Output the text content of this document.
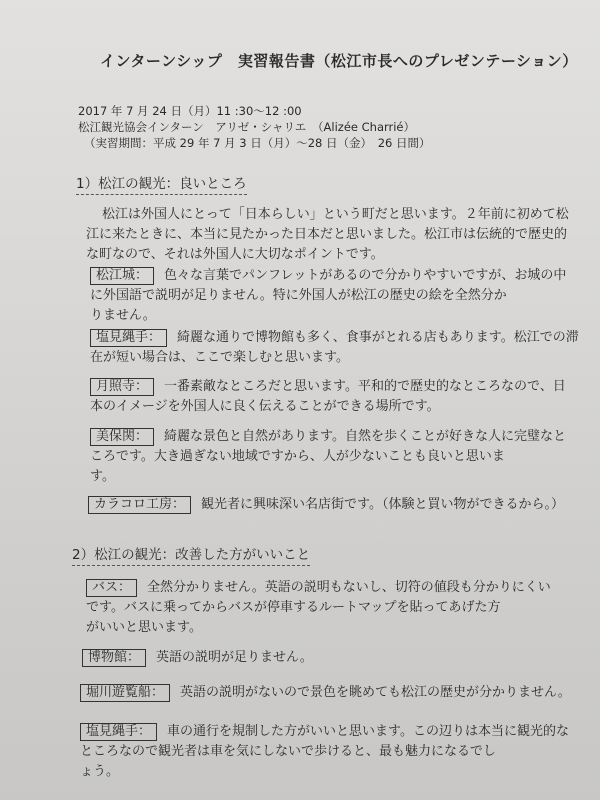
インターンシップ　実習報告書（松江市長へのプレゼンテーション）
2017 年 7 月 24 日（月）11 :30～12 :00
松江観光協会インターン　アリゼ・シャリエ　（Alizée Charrié）
（実習期間：平成 29 年 7 月 3 日（月）～28 日（金）　26 日間）
1）松江の観光：良いところ
松江は外国人にとって「日本らしい」という町だと思います。２年前に初めて松
江に来たときに、本当に見たかった日本だと思いました。松江市は伝統的で歴史的
な町なので、それは外国人に大切なポイントです。
松江城： 色々な言葉でパンフレットがあるので分かりやすいですが、お城の中
に外国語で説明が足りません。特に外国人が松江の歴史の絵を全然分か
りません。
塩見縄手： 綺麗な通りで博物館も多く、食事がとれる店もあります。松江での滞
在が短い場合は、ここで楽しむと思います。
月照寺： 一番素敵なところだと思います。平和的で歴史的なところなので、日
本のイメージを外国人に良く伝えることができる場所です。
美保関： 綺麗な景色と自然があります。自然を歩くことが好きな人に完璧なと
ころです。大き過ぎない地域ですから、人が少ないことも良いと思いま
す。
カラコロ工房： 観光者に興味深い名店街です。（体験と買い物ができるから。）
2）松江の観光：改善した方がいいこと
バス： 全然分かりません。英語の説明もないし、切符の値段も分かりにくい
です。バスに乗ってからバスが停車するルートマップを貼ってあげた方
がいいと思います。
博物館： 英語の説明が足りません。
堀川遊覧船： 英語の説明がないので景色を眺めても松江の歴史が分かりません。
塩見縄手： 車の通行を規制した方がいいと思います。この辺りは本当に観光的な
ところなので観光者は車を気にしないで歩けると、最も魅力になるでし
ょう。
